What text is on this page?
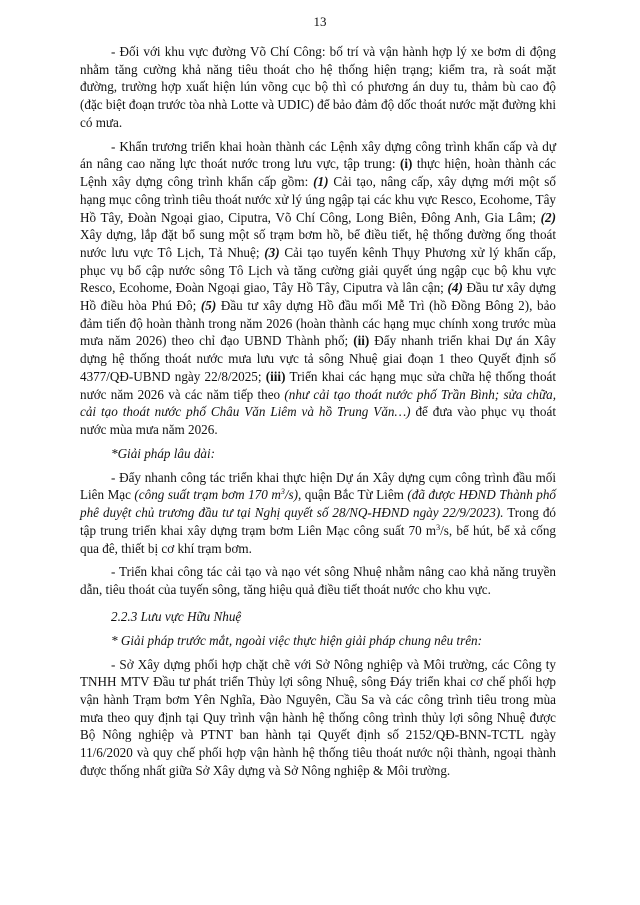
13

- Đối với khu vực đường Võ Chí Công: bố trí và vận hành hợp lý xe bơm di động nhằm tăng cường khả năng tiêu thoát cho hệ thống hiện trạng; kiểm tra, rà soát mặt đường, trường hợp xuất hiện lún võng cục bộ thì có phương án duy tu, thảm bù cao độ (đặc biệt đoạn trước tòa nhà Lotte và UDIC) để bảo đảm độ dốc thoát nước mặt đường khi có mưa.

- Khẩn trương triển khai hoàn thành các Lệnh xây dựng công trình khẩn cấp và dự án nâng cao năng lực thoát nước trong lưu vực, tập trung: (i) thực hiện, hoàn thành các Lệnh xây dựng công trình khẩn cấp gồm: (1) Cải tạo, nâng cấp, xây dựng mới một số hạng mục công trình tiêu thoát nước xử lý úng ngập tại các khu vực Resco, Ecohome, Tây Hồ Tây, Đoàn Ngoại giao, Ciputra, Võ Chí Công, Long Biên, Đông Anh, Gia Lâm; (2) Xây dựng, lắp đặt bổ sung một số trạm bơm hồ, bể điều tiết, hệ thống đường ống thoát nước lưu vực Tô Lịch, Tả Nhuệ; (3) Cải tạo tuyến kênh Thụy Phương xử lý khẩn cấp, phục vụ bổ cập nước sông Tô Lịch và tăng cường giải quyết úng ngập cục bộ khu vực Resco, Ecohome, Đoàn Ngoại giao, Tây Hồ Tây, Ciputra và lân cận; (4) Đầu tư xây dựng Hồ điều hòa Phú Đô; (5) Đầu tư xây dựng Hồ đầu mối Mễ Trì (hồ Đồng Bông 2), bảo đảm tiến độ hoàn thành trong năm 2026 (hoàn thành các hạng mục chính xong trước mùa mưa năm 2026) theo chỉ đạo UBND Thành phố; (ii) Đẩy nhanh triển khai Dự án Xây dựng hệ thống thoát nước mưa lưu vực tả sông Nhuệ giai đoạn 1 theo Quyết định số 4377/QĐ-UBND ngày 22/8/2025; (iii) Triển khai các hạng mục sửa chữa hệ thống thoát nước năm 2026 và các năm tiếp theo (như cải tạo thoát nước phố Trần Bình; sửa chữa, cải tạo thoát nước phố Châu Văn Liêm và hồ Trung Văn…) để đưa vào phục vụ thoát nước mùa mưa năm 2026.

*Giải pháp lâu dài:

- Đẩy nhanh công tác triển khai thực hiện Dự án Xây dựng cụm công trình đầu mối Liên Mạc (công suất trạm bơm 170 $m^3/s$), quận Bắc Từ Liêm (đã được HĐND Thành phố phê duyệt chủ trương đầu tư tại Nghị quyết số 28/NQ-HĐND ngày 22/9/2023). Trong đó tập trung triển khai xây dựng trạm bơm Liên Mạc công suất 70 $m^3/s$, bể hút, bể xả cống qua đê, thiết bị cơ khí trạm bơm.

- Triển khai công tác cải tạo và nạo vét sông Nhuệ nhằm nâng cao khả năng truyền dẫn, tiêu thoát của tuyến sông, tăng hiệu quả điều tiết thoát nước cho khu vực.

2.2.3 Lưu vực Hữu Nhuệ

* Giải pháp trước mắt, ngoài việc thực hiện giải pháp chung nêu trên:

- Sở Xây dựng phối hợp chặt chẽ với Sở Nông nghiệp và Môi trường, các Công ty TNHH MTV Đầu tư phát triển Thủy lợi sông Nhuệ, sông Đáy triển khai cơ chế phối hợp vận hành Trạm bơm Yên Nghĩa, Đào Nguyên, Cầu Sa và các công trình tiêu trong mùa mưa theo quy định tại Quy trình vận hành hệ thống công trình thủy lợi sông Nhuệ được Bộ Nông nghiệp và PTNT ban hành tại Quyết định số 2152/QĐ-BNN-TCTL ngày 11/6/2020 và quy chế phối hợp vận hành hệ thống tiêu thoát nước nội thành, ngoại thành được thống nhất giữa Sở Xây dựng và Sở Nông nghiệp & Môi trường.
